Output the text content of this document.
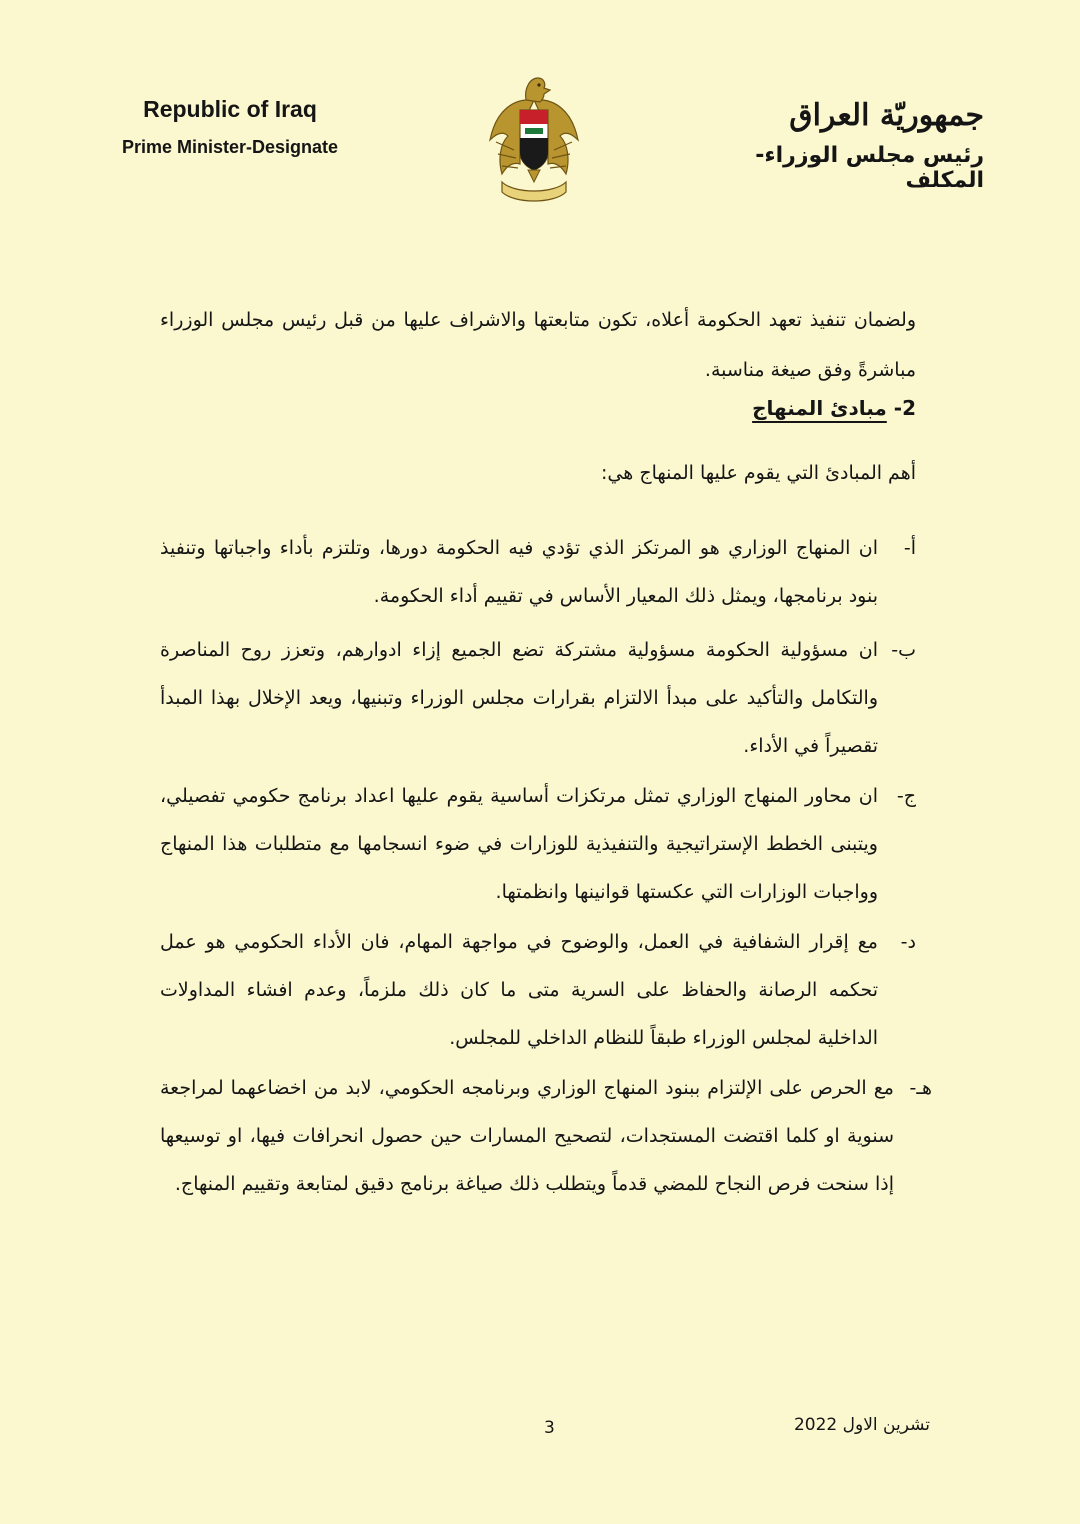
Republic of Iraq
Prime Minister-Designate
جمهوريّة العراق
رئيس مجلس الوزراء-المكلف

ولضمان تنفيذ تعهد الحكومة أعلاه، تكون متابعتها والاشراف عليها من قبل رئيس مجلس الوزراء مباشرةً وفق صيغة مناسبة.

2- مبادئ المنهاج
أهم المبادئ التي يقوم عليها المنهاج هي:
أ-
ان المنهاج الوزاري هو المرتكز الذي تؤدي فيه الحكومة دورها، وتلتزم بأداء واجباتها وتنفيذ بنود برنامجها، ويمثل ذلك المعيار الأساس في تقييم أداء الحكومة.
ب-
ان مسؤولية الحكومة مسؤولية مشتركة تضع الجميع إزاء ادوارهم، وتعزز روح المناصرة والتكامل والتأكيد على مبدأ الالتزام بقرارات مجلس الوزراء وتبنيها، ويعد الإخلال بهذا المبدأ تقصيراً في الأداء.
ج-
ان محاور المنهاج الوزاري تمثل مرتكزات أساسية يقوم عليها اعداد برنامج حكومي تفصيلي، ويتبنى الخطط الإستراتيجية والتنفيذية للوزارات في ضوء انسجامها مع متطلبات هذا المنهاج وواجبات الوزارات التي عكستها قوانينها وانظمتها.
د-
مع إقرار الشفافية في العمل، والوضوح في مواجهة المهام، فان الأداء الحكومي هو عمل تحكمه الرصانة والحفاظ على السرية متى ما كان ذلك ملزماً، وعدم افشاء المداولات الداخلية لمجلس الوزراء طبقاً للنظام الداخلي للمجلس.
هـ-
مع الحرص على الإلتزام ببنود المنهاج الوزاري وبرنامجه الحكومي، لابد من اخضاعهما لمراجعة سنوية او كلما اقتضت المستجدات، لتصحيح المسارات حين حصول انحرافات فيها، او توسيعها إذا سنحت فرص النجاح للمضي قدماً ويتطلب ذلك صياغة برنامج دقيق لمتابعة وتقييم المنهاج.
3	تشرين الاول 2022
